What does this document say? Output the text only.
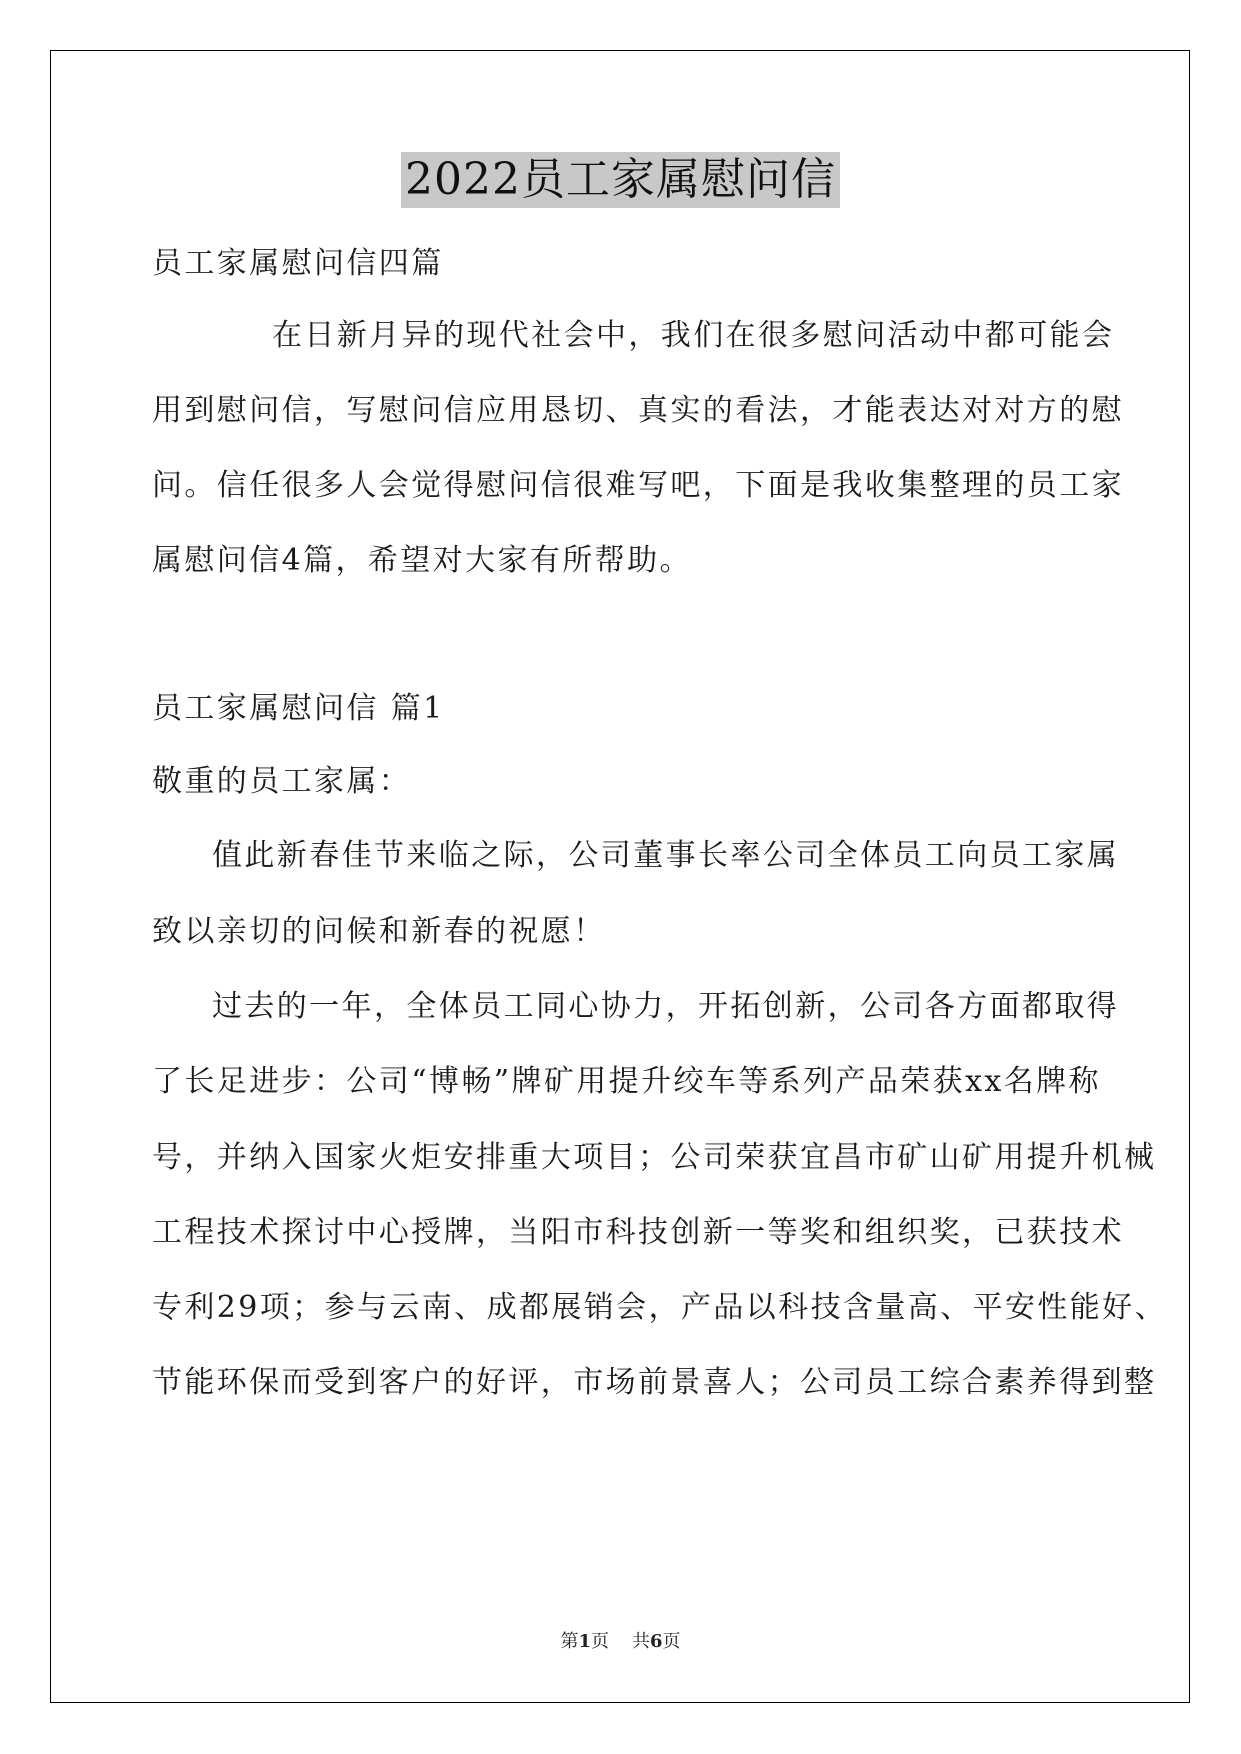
2022员工家属慰问信
员工家属慰问信四篇
在日新月异的现代社会中，我们在很多慰问活动中都可能会
用到慰问信，写慰问信应用恳切、真实的看法，才能表达对对方的慰
问。信任很多人会觉得慰问信很难写吧，下面是我收集整理的员工家
属慰问信4篇，希望对大家有所帮助。
员工家属慰问信 篇1
敬重的员工家属：
值此新春佳节来临之际，公司董事长率公司全体员工向员工家属
致以亲切的问候和新春的祝愿！
过去的一年，全体员工同心协力，开拓创新，公司各方面都取得
了长足进步：公司“博畅”牌矿用提升绞车等系列产品荣获xx名牌称
号，并纳入国家火炬安排重大项目；公司荣获宜昌市矿山矿用提升机械
工程技术探讨中心授牌，当阳市科技创新一等奖和组织奖，已获技术
专利29项；参与云南、成都展销会，产品以科技含量高、平安性能好、
节能环保而受到客户的好评，市场前景喜人；公司员工综合素养得到整
第1页 共6页
